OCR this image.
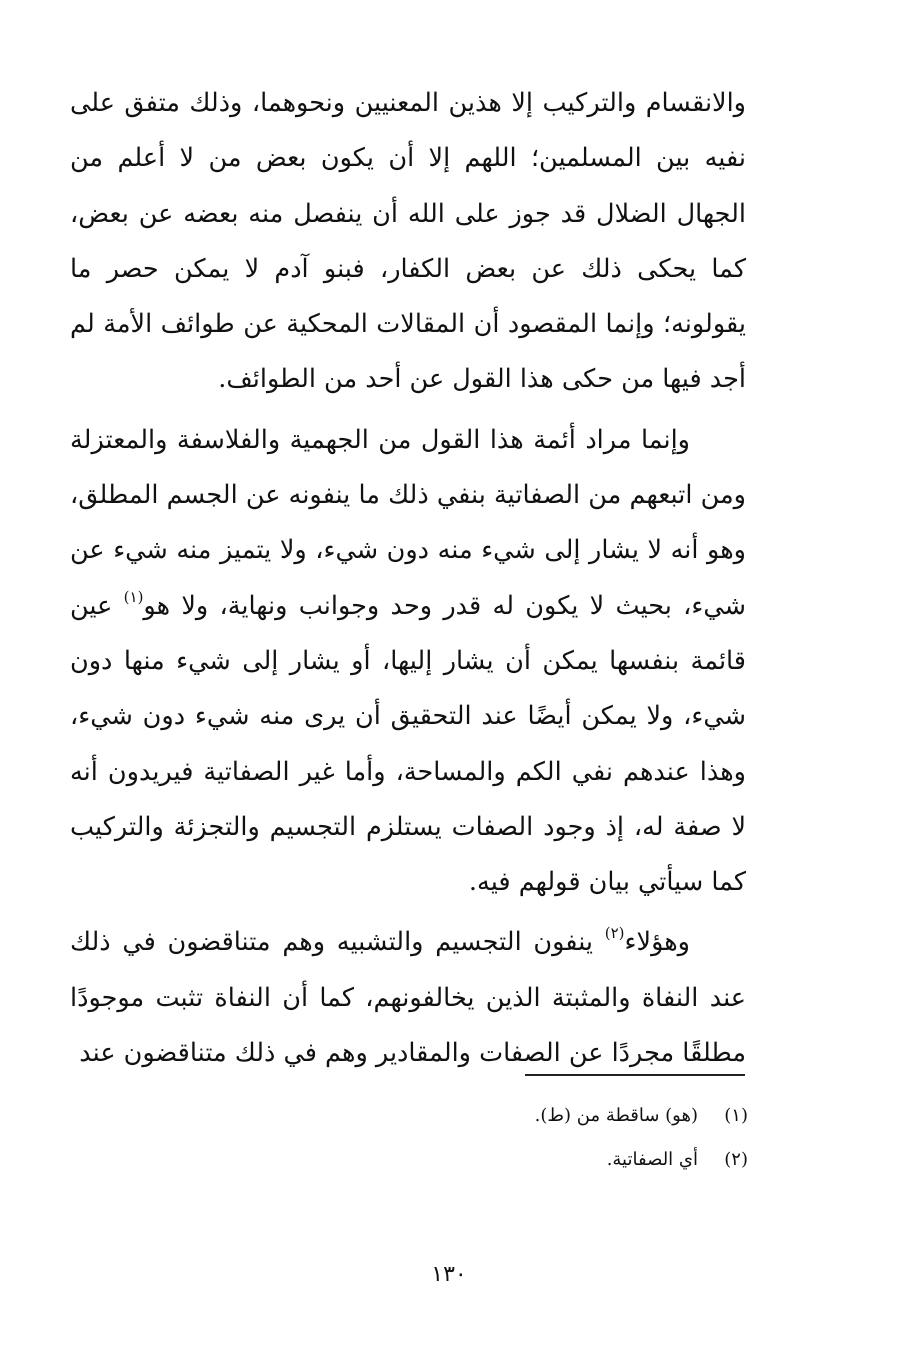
والانقسام والتركيب إلا هذين المعنيين ونحوهما، وذلك متفق على نفيه بين المسلمين؛ اللهم إلا أن يكون بعض من لا أعلم من الجهال الضلال قد جوز على الله أن ينفصل منه بعضه عن بعض، كما يحكى ذلك عن بعض الكفار، فبنو آدم لا يمكن حصر ما يقولونه؛ وإنما المقصود أن المقالات المحكية عن طوائف الأمة لم أجد فيها من حكى هذا القول عن أحد من الطوائف.

وإنما مراد أئمة هذا القول من الجهمية والفلاسفة والمعتزلة ومن اتبعهم من الصفاتية بنفي ذلك ما ينفونه عن الجسم المطلق، وهو أنه لا يشار إلى شيء منه دون شيء، ولا يتميز منه شيء عن شيء، بحيث لا يكون له قدر وحد وجوانب ونهاية، ولا هو$^{(١)}$ عين قائمة بنفسها يمكن أن يشار إليها، أو يشار إلى شيء منها دون شيء، ولا يمكن أيضًا عند التحقيق أن يرى منه شيء دون شيء، وهذا عندهم نفي الكم والمساحة، وأما غير الصفاتية فيريدون أنه لا صفة له، إذ وجود الصفات يستلزم التجسيم والتجزئة والتركيب كما سيأتي بيان قولهم فيه.

وهؤلاء$^{(٢)}$ ينفون التجسيم والتشبيه وهم متناقضون في ذلك عند النفاة والمثبتة الذين يخالفونهم، كما أن النفاة تثبت موجودًا مطلقًا مجردًا عن الصفات والمقادير وهم في ذلك متناقضون عند

(١)(هو) ساقطة من (ط).

(٢)أي الصفاتية.

١٣٠
